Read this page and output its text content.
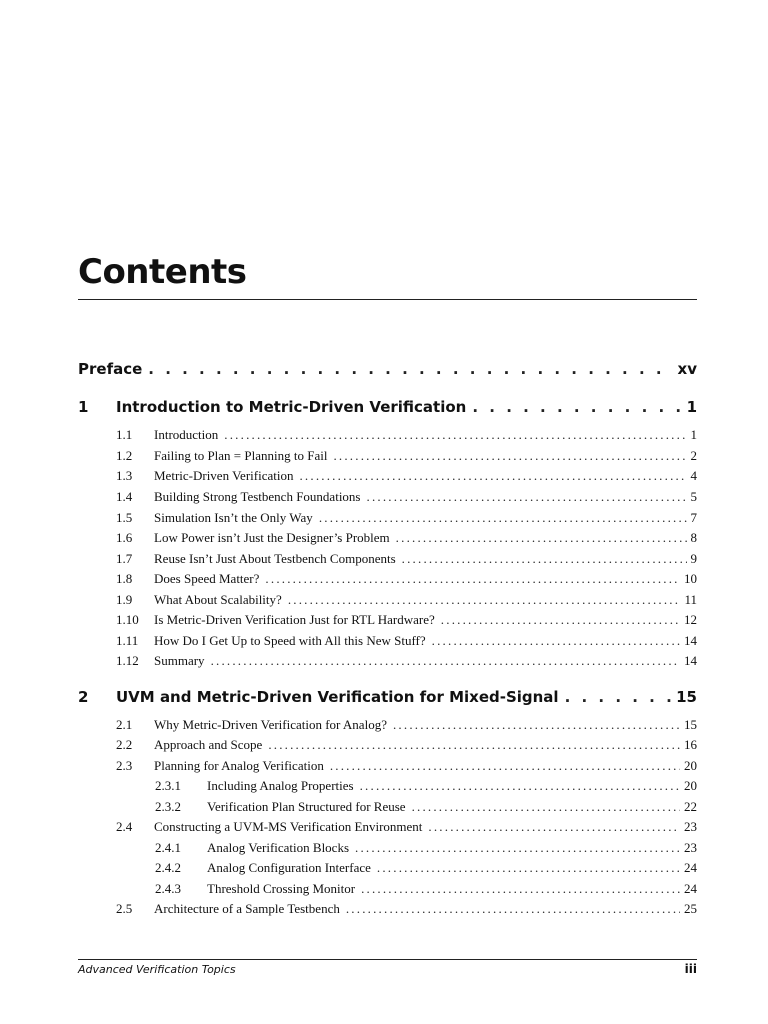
Contents
Preface . . .	xv
1	Introduction to Metric-Driven Verification . . .	1
1.1	Introduction .....	1
1.2	Failing to Plan = Planning to Fail .....	2
1.3	Metric-Driven Verification .....	4
1.4	Building Strong Testbench Foundations .....	5
1.5	Simulation Isn’t the Only Way .....	7
1.6	Low Power isn’t Just the Designer’s Problem .....	8
1.7	Reuse Isn’t Just About Testbench Components .....	9
1.8	Does Speed Matter? .....	10
1.9	What About Scalability? .....	11
1.10	Is Metric-Driven Verification Just for RTL Hardware? .....	12
1.11	How Do I Get Up to Speed with All this New Stuff? .....	14
1.12	Summary .....	14
2	UVM and Metric-Driven Verification for Mixed-Signal . . .	15
2.1	Why Metric-Driven Verification for Analog? .....	15
2.2	Approach and Scope .....	16
2.3	Planning for Analog Verification .....	20
2.3.1	Including Analog Properties .....	20
2.3.2	Verification Plan Structured for Reuse .....	22
2.4	Constructing a UVM-MS Verification Environment .....	23
2.4.1	Analog Verification Blocks .....	23
2.4.2	Analog Configuration Interface .....	24
2.4.3	Threshold Crossing Monitor .....	24
2.5	Architecture of a Sample Testbench .....	25
Advanced Verification Topics	iii
